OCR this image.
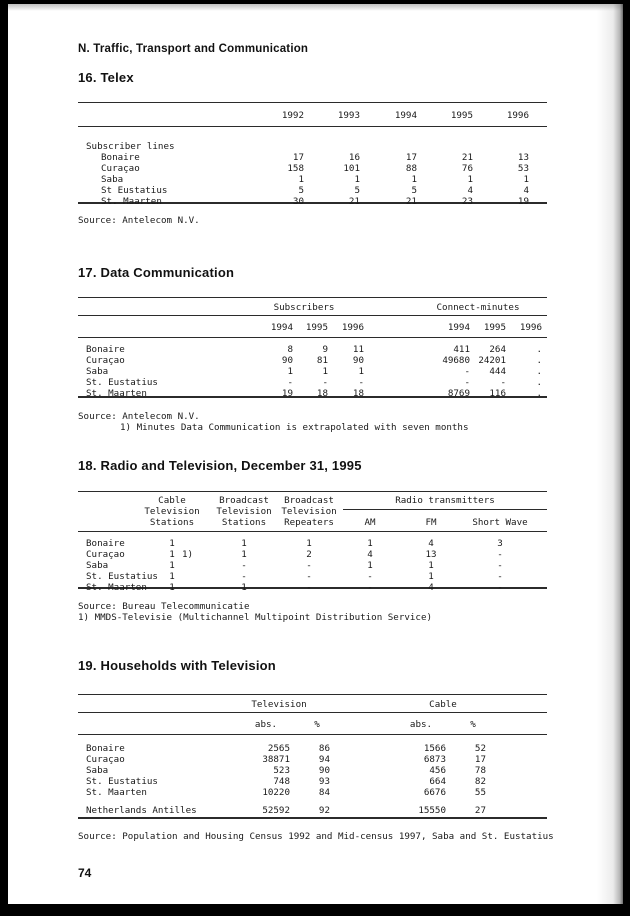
N. Traffic, Transport and Communication
16. Telex
1992	1993	1994	1995	1996
Subscriber lines
Bonaire	17	16	17	21	13
Curaçao	158	101	88	76	53
Saba	1	1	1	1	1
St Eustatius	5	5	5	4	4
St. Maarten	30	21	21	23	19
Source: Antelecom N.V.
17. Data Communication
Subscribers	Connect-minutes
1994	1995	1996	1994	1995	1996
Bonaire	8	9	11	411	264	.
Curaçao	90	81	90	49680 24201	.
Saba	1	1	1	-	444	.
St. Eustatius	-	-	-	-	-	.
St. Maarten	19	18	18	8769	116	.
Source: Antelecom N.V.
1) Minutes Data Communication is extrapolated with seven months
18. Radio and Television, December 31, 1995
Cable
Television
Stations
Broadcast
Television
Stations
Broadcast
Television
Repeaters
Radio transmitters
AM	FM	Short Wave
Bonaire	1	1	1	1	4	3
Curaçao	1 1)	1	2	4	13	-
Saba	1	-	-	1	1	-
St. Eustatius	1	-	-	-	1	-
St. Maarten	1	1	-	-	4	-
Source: Bureau Telecommunicatie
1) MMDS-Televisie (Multichannel Multipoint Distribution Service)
19. Households with Television
Television	Cable
abs.	%	abs.	%
Bonaire	2565	86	1566	52
Curaçao	38871	94	6873	17
Saba	523	90	456	78
St. Eustatius	748	93	664	82
St. Maarten	10220	84	6676	55
Netherlands Antilles	52592	92	15550	27
Source: Population and Housing Census 1992 and Mid-census 1997, Saba and St. Eustatius
74
